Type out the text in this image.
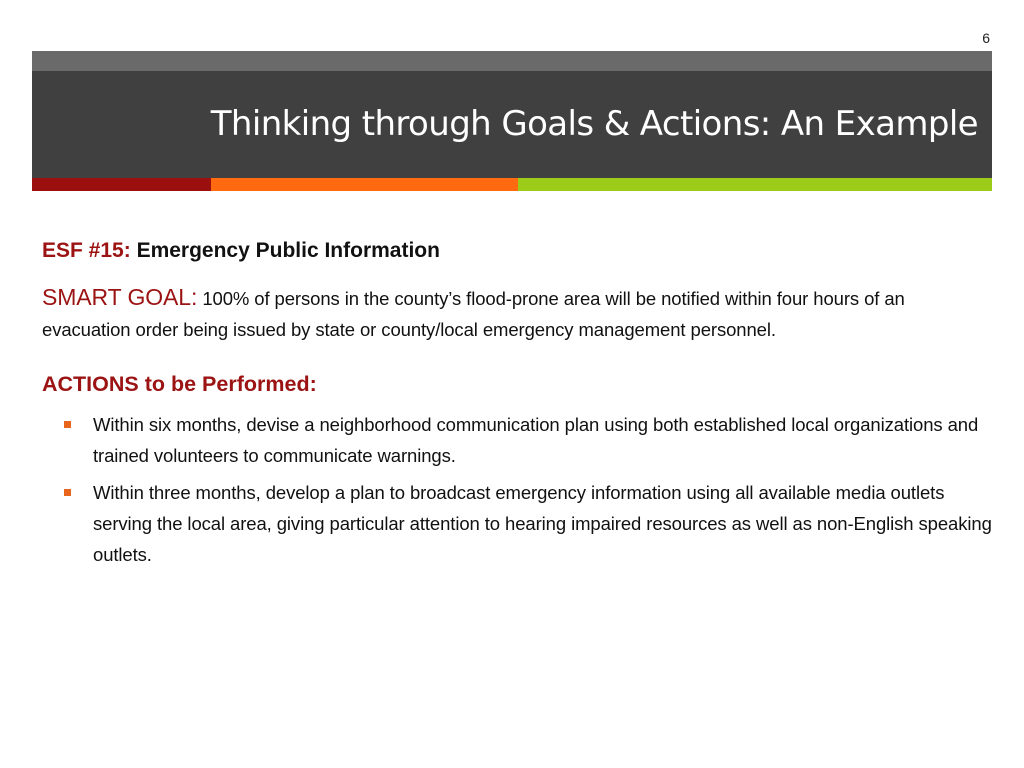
6
Thinking through Goals & Actions: An Example

ESF #15: Emergency Public Information

SMART GOAL: 100% of persons in the county’s flood-prone area will be notified within four hours of an evacuation order being issued by state or county/local emergency management personnel.

ACTIONS to be Performed:

Within six months, devise a neighborhood communication plan using both established local organizations and trained volunteers to communicate warnings.
Within three months, develop a plan to broadcast emergency information using all available media outlets serving the local area, giving particular attention to hearing impaired resources as well as non-English speaking outlets.
